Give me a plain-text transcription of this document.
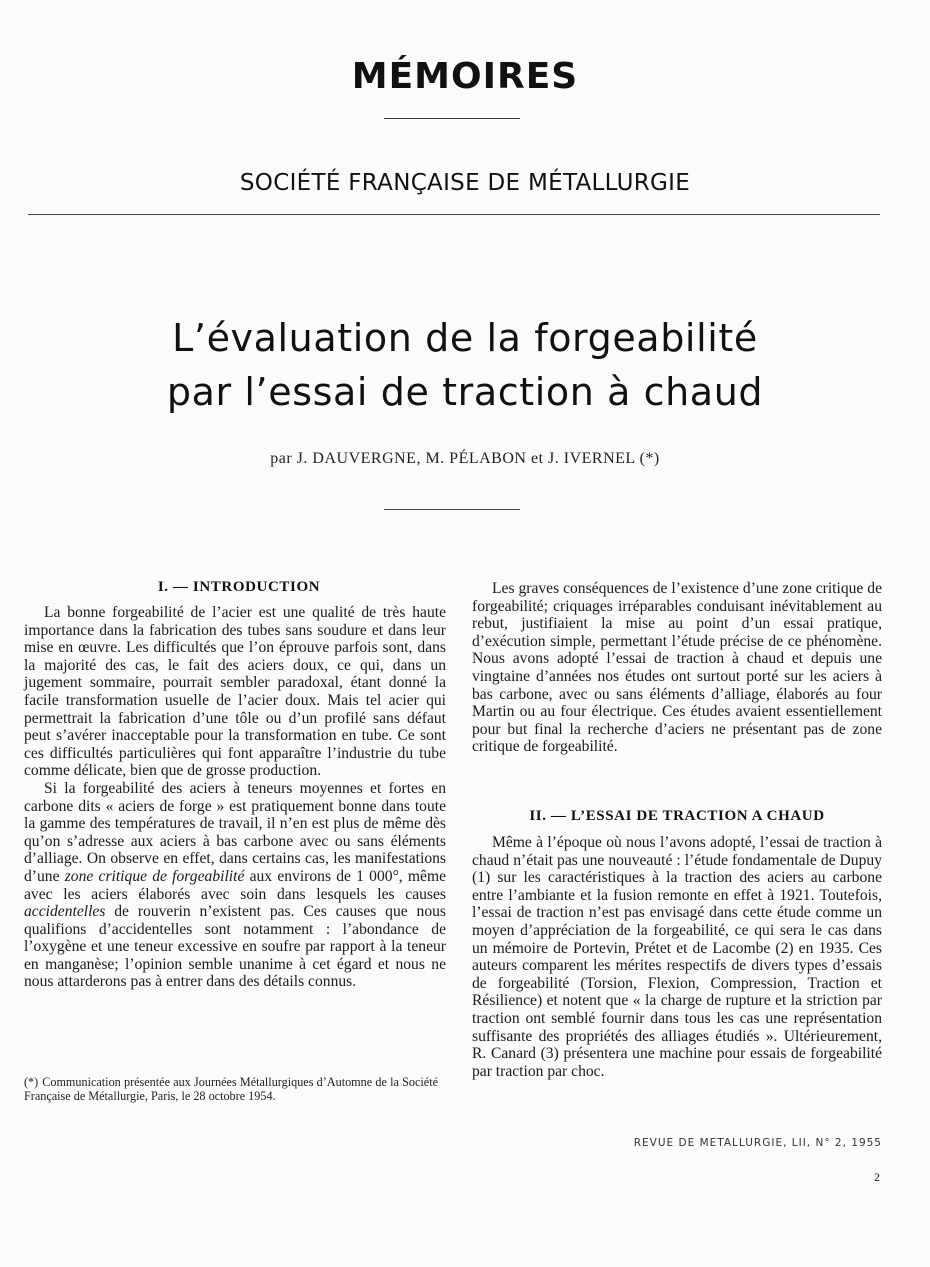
MÉMOIRES
SOCIÉTÉ FRANÇAISE DE MÉTALLURGIE
L’évaluation de la forgeabilité
par l’essai de traction à chaud
par J. DAUVERGNE, M. PÉLABON et J. IVERNEL (*)
I. — INTRODUCTION

La bonne forgeabilité de l’acier est une qualité de très haute importance dans la fabrication des tubes sans soudure et dans leur mise en œuvre. Les difficultés que l’on éprouve parfois sont, dans la majorité des cas, le fait des aciers doux, ce qui, dans un jugement sommaire, pourrait sembler paradoxal, étant donné la facile transformation usuelle de l’acier doux. Mais tel acier qui permettrait la fabrication d’une tôle ou d’un profilé sans défaut peut s’avérer inacceptable pour la transformation en tube. Ce sont ces difficultés particulières qui font apparaître l’industrie du tube comme délicate, bien que de grosse production.

Si la forgeabilité des aciers à teneurs moyennes et fortes en carbone dits « aciers de forge » est pratiquement bonne dans toute la gamme des températures de travail, il n’en est plus de même dès qu’on s’adresse aux aciers à bas carbone avec ou sans éléments d’alliage. On observe en effet, dans certains cas, les manifestations d’une zone critique de forgeabilité aux environs de 1 000°, même avec les aciers élaborés avec soin dans lesquels les causes accidentelles de rouverin n’existent pas. Ces causes que nous qualifions d’accidentelles sont notamment : l’abondance de l’oxygène et une teneur excessive en soufre par rapport à la teneur en manganèse; l’opinion semble unanime à cet égard et nous ne nous attarderons pas à entrer dans des détails connus.

Les graves conséquences de l’existence d’une zone critique de forgeabilité; criquages irréparables conduisant inévitablement au rebut, justifiaient la mise au point d’un essai pratique, d’exécution simple, permettant l’étude précise de ce phénomène. Nous avons adopté l’essai de traction à chaud et depuis une vingtaine d’années nos études ont surtout porté sur les aciers à bas carbone, avec ou sans éléments d’alliage, élaborés au four Martin ou au four électrique. Ces études avaient essentiellement pour but final la recherche d’aciers ne présentant pas de zone critique de forgeabilité.

II. — L’ESSAI DE TRACTION A CHAUD

Même à l’époque où nous l’avons adopté, l’essai de traction à chaud n’était pas une nouveauté : l’étude fondamentale de Dupuy (1) sur les caractéristiques à la traction des aciers au carbone entre l’ambiante et la fusion remonte en effet à 1921. Toutefois, l’essai de traction n’est pas envisagé dans cette étude comme un moyen d’appréciation de la forgeabilité, ce qui sera le cas dans un mémoire de Portevin, Prétet et de Lacombe (2) en 1935. Ces auteurs comparent les mérites respectifs de divers types d’essais de forgeabilité (Torsion, Flexion, Compression, Traction et Résilience) et notent que « la charge de rupture et la striction par traction ont semblé fournir dans tous les cas une représentation suffisante des propriétés des alliages étudiés ». Ultérieurement, R. Canard (3) présentera une machine pour essais de forgeabilité par traction par choc.

(*) Communication présentée aux Journées Métallurgiques d’Automne de la Société Française de Métallurgie, Paris, le 28 octobre 1954.
REVUE DE METALLURGIE, LII, N° 2, 1955
2
